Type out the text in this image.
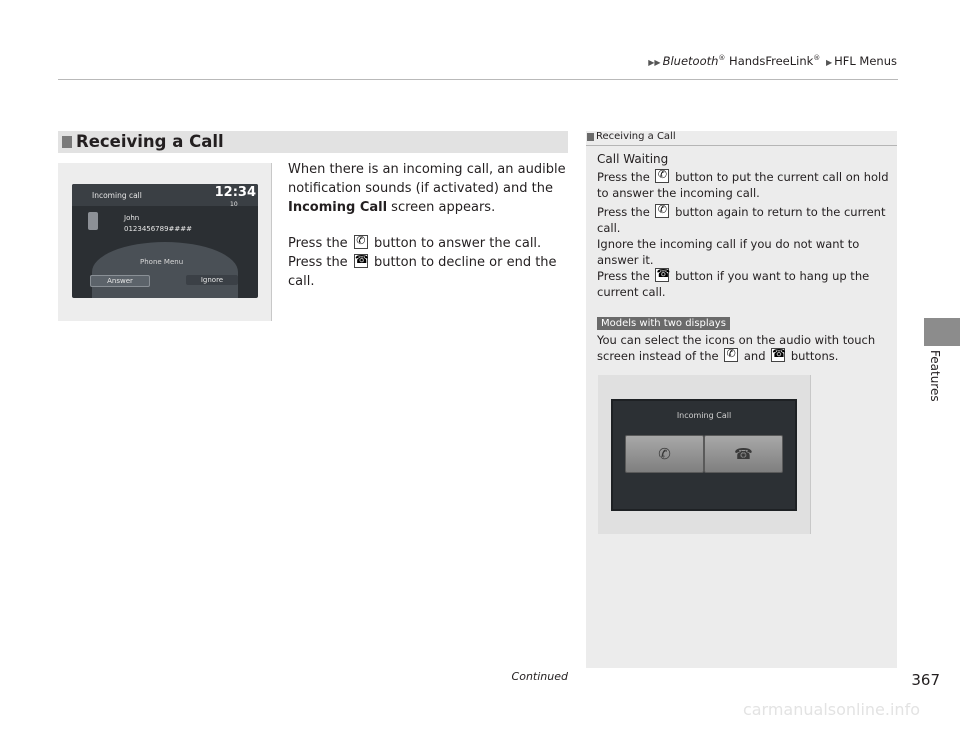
▶▶ Bluetooth® HandsFreeLink® ▶ HFL Menus
Features
Receiving a Call
Incoming call	12:34
10
John
0123456789####
Phone Menu
Answer	Ignore
When there is an incoming call, an audible notification sounds (if activated) and the Incoming Call screen appears.
Press the ✆ button to answer the call.
Press the ☎ button to decline or end the call.
Receiving a Call
Call Waiting
Press the ✆ button to put the current call on hold to answer the incoming call.
Press the ✆ button again to return to the current call.
Ignore the incoming call if you do not want to answer it.
Press the ☎ button if you want to hang up the current call.
Models with two displays
You can select the icons on the audio with touch screen instead of the ✆ and ☎ buttons.
Incoming Call
✆	☎
Continued	367
carmanualsonline.info
